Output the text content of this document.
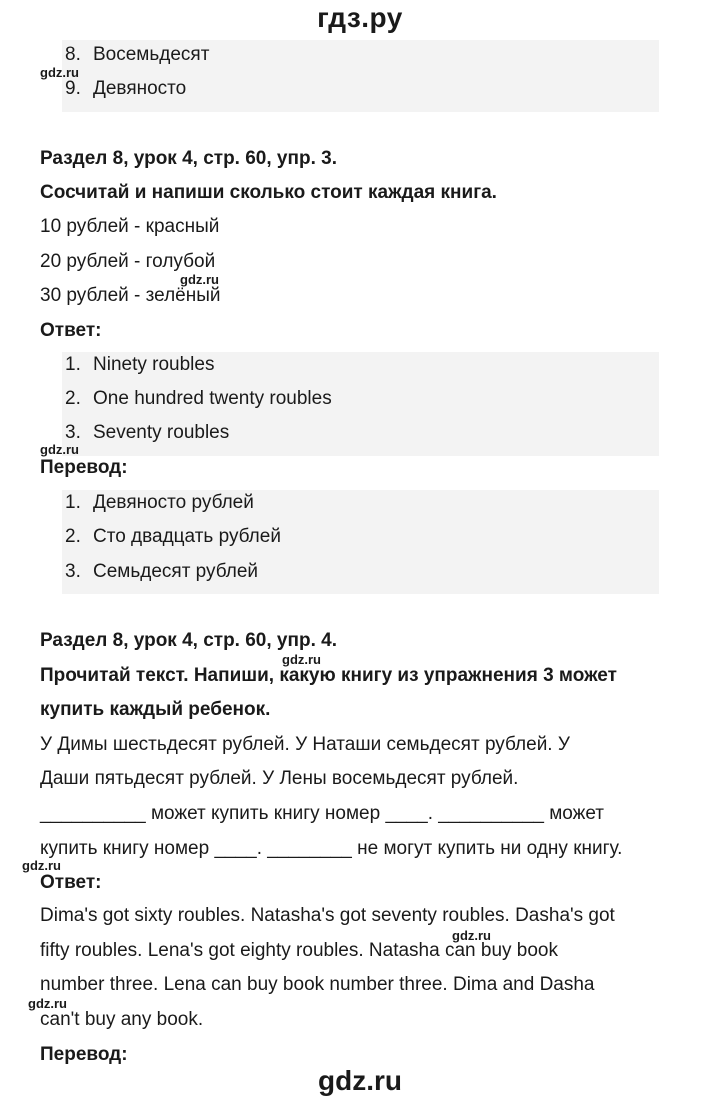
гдз.ру
8. Восемьдесят
9. Девяносто
gdz.ru
Раздел 8, урок 4, стр. 60, упр. 3.
Сосчитай и напиши сколько стоит каждая книга.
10 рублей - красный
20 рублей - голубой
30 рублей - зелёный
gdz.ru
Ответ:
1. Ninety roubles
2. One hundred twenty roubles
3. Seventy roubles
gdz.ru
Перевод:
1. Девяносто рублей
2. Сто двадцать рублей
3. Семьдесят рублей
Раздел 8, урок 4, стр. 60, упр. 4.
gdz.ru
Прочитай текст. Напиши, какую книгу из упражнения 3 может
купить каждый ребенок.
У Димы шестьдесят рублей. У Наташи семьдесят рублей. У
Даши пятьдесят рублей. У Лены восемьдесят рублей.
__________ может купить книгу номер ____. __________ может
купить книгу номер ____. ________ не могут купить ни одну книгу.
gdz.ru
Ответ:
Dima's got sixty roubles. Natasha's got seventy roubles. Dasha's got
fifty roubles. Lena's got eighty roubles. Natasha can buy book
gdz.ru
number three. Lena can buy book number three. Dima and Dasha
can't buy any book.
gdz.ru
Перевод:
gdz.ru
